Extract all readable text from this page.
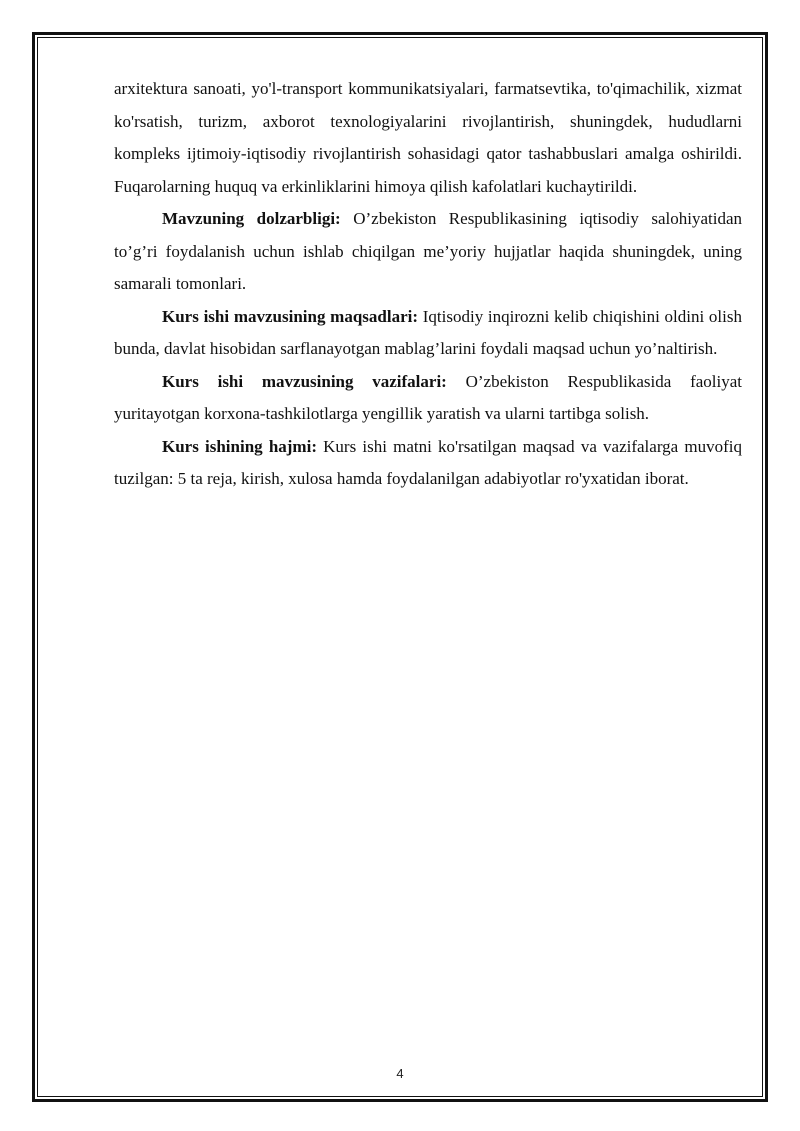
arxitektura sanoati, yo'l-transport kommunikatsiyalari, farmatsevtika, to'qimachilik, xizmat ko'rsatish, turizm, axborot texnologiyalarini rivojlantirish, shuningdek, hududlarni kompleks ijtimoiy-iqtisodiy rivojlantirish sohasidagi qator tashabbuslari amalga oshirildi. Fuqarolarning huquq va erkinliklarini himoya qilish kafolatlari kuchaytirildi.

Mavzuning dolzarbligi: O’zbekiston Respublikasining iqtisodiy salohiyatidan to’g’ri foydalanish uchun ishlab chiqilgan me’yoriy hujjatlar haqida shuningdek, uning samarali tomonlari.

Kurs ishi mavzusining maqsadlari: Iqtisodiy inqirozni kelib chiqishini oldini olish bunda, davlat hisobidan sarflanayotgan mablag’larini foydali maqsad uchun yo’naltirish.

Kurs ishi mavzusining vazifalari: O’zbekiston Respublikasida faoliyat yuritayotgan korxona-tashkilotlarga yengillik yaratish va ularni tartibga solish.

Kurs ishining hajmi: Kurs ishi matni ko'rsatilgan maqsad va vazifalarga muvofiq tuzilgan: 5 ta reja, kirish, xulosa hamda foydalanilgan adabiyotlar ro'yxatidan iborat.

4
